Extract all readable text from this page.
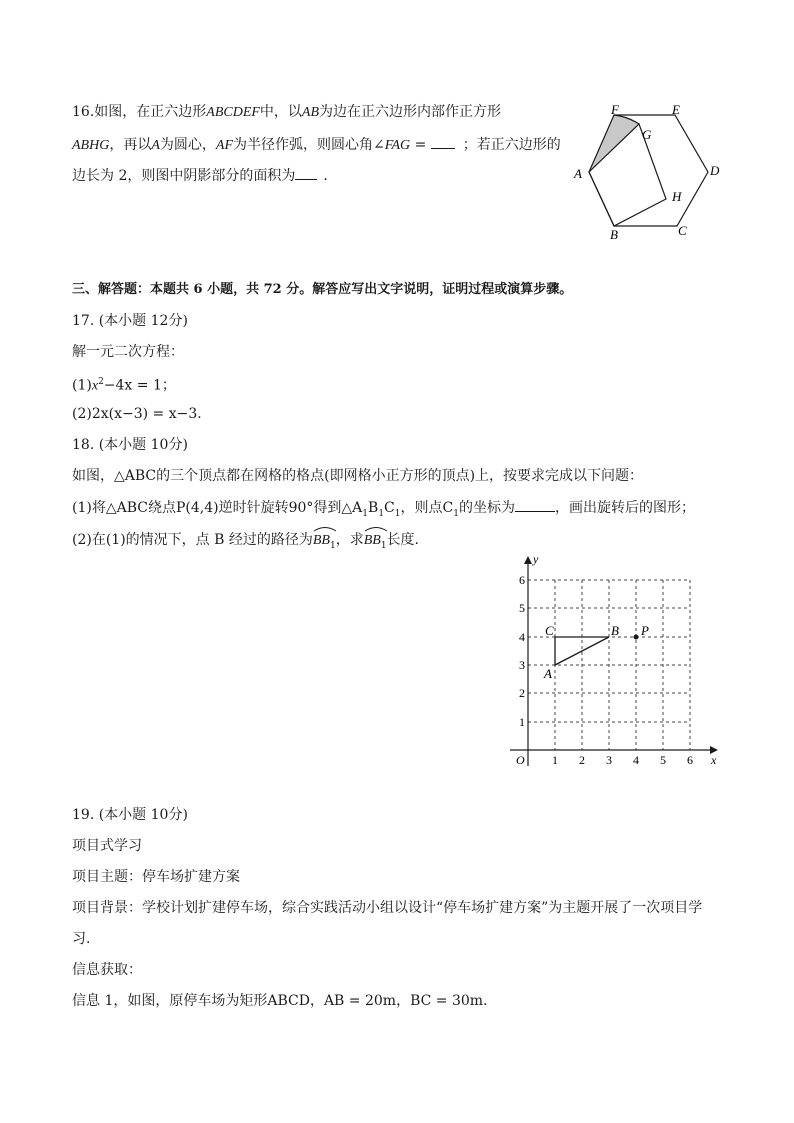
16.如图，在正六边形ABCDEF中，以AB为边在正六边形内部作正方形
ABHG，再以A为圆心，AF为半径作弧，则圆心角∠FAG = ；若正六边形的
边长为 2，则图中阴影部分的面积为 ．
F	E
G
A	D
H
B	C
三、解答题：本题共 6 小题，共 72 分。解答应写出文字说明，证明过程或演算步骤。
17. (本小题 12分)
解一元二次方程：
$(1)x^2-4x = 1$；
(2)2x(x−3) = x−3.
18. (本小题 10分)
如图，△ABC的三个顶点都在网格的格点(即网格小正方形的顶点)上，按要求完成以下问题：
(1)将△ABC绕点P(4,4)逆时针旋转90°得到$\triangle A_1B_1C_1$，则点$C_1$的坐标为	，画出旋转后的图形；
(2)在(1)的情况下，点 B 经过的路径为$BB_1$
，求$BB_1$
长度.
1 2 3 4 5 6
1
2
3
4
5
6
O	x
y
C	B P
A
19. (本小题 10分)
项目式学习
项目主题：停车场扩建方案
项目背景：学校计划扩建停车场，综合实践活动小组以设计“停车场扩建方案”为主题开展了一次项目学
习.
信息获取：
信息 1，如图，原停车场为矩形ABCD，AB = 20m，BC = 30m.
